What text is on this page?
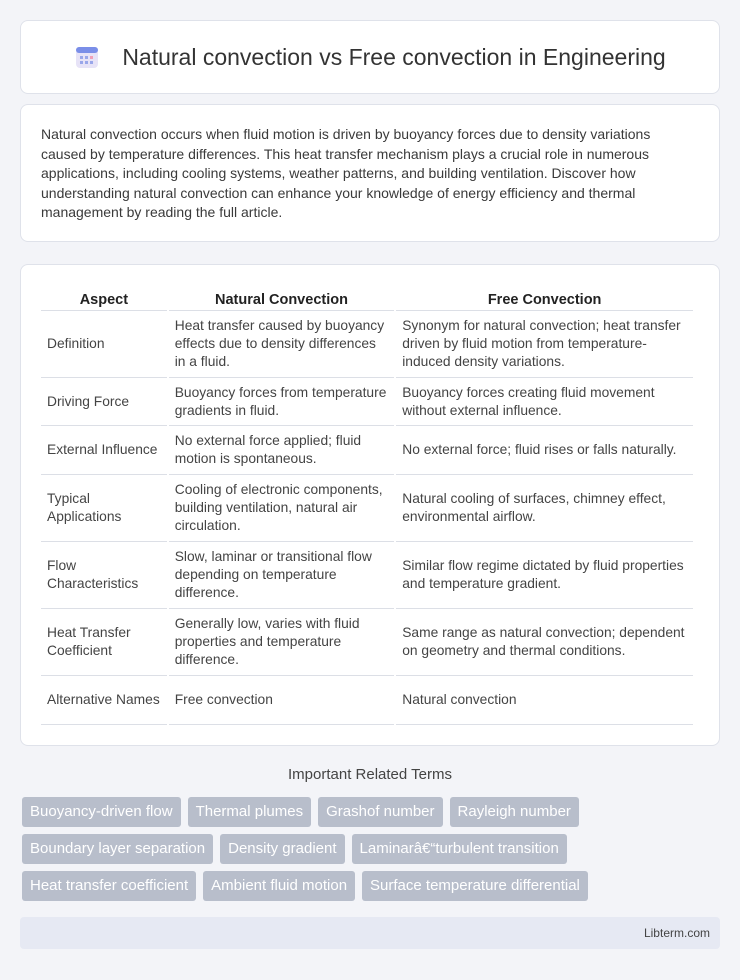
Natural convection vs Free convection in Engineering

Natural convection occurs when fluid motion is driven by buoyancy forces due to density variations caused by temperature differences. This heat transfer mechanism plays a crucial role in numerous applications, including cooling systems, weather patterns, and building ventilation. Discover how understanding natural convection can enhance your knowledge of energy efficiency and thermal management by reading the full article.

Aspect	Natural Convection	Free Convection
Definition	Heat transfer caused by buoyancy effects due to density differences in a fluid.	Synonym for natural convection; heat transfer driven by fluid motion from temperature-induced density variations.
Driving Force	Buoyancy forces from temperature gradients in fluid.	Buoyancy forces creating fluid movement without external influence.
External Influence	No external force applied; fluid motion is spontaneous.	No external force; fluid rises or falls naturally.
Typical Applications	Cooling of electronic components, building ventilation, natural air circulation.	Natural cooling of surfaces, chimney effect, environmental airflow.
Flow Characteristics	Slow, laminar or transitional flow depending on temperature difference.	Similar flow regime dictated by fluid properties and temperature gradient.
Heat Transfer Coefficient	Generally low, varies with fluid properties and temperature difference.	Same range as natural convection; dependent on geometry and thermal conditions.
Alternative Names	Free convection	Natural convection
Important Related Terms
Buoyancy-driven flow	Thermal plumes	Grashof number	Rayleigh number
Boundary layer separation	Density gradient	Laminarâ€“turbulent transition
Heat transfer coefficient	Ambient fluid motion	Surface temperature differential
Libterm.com
